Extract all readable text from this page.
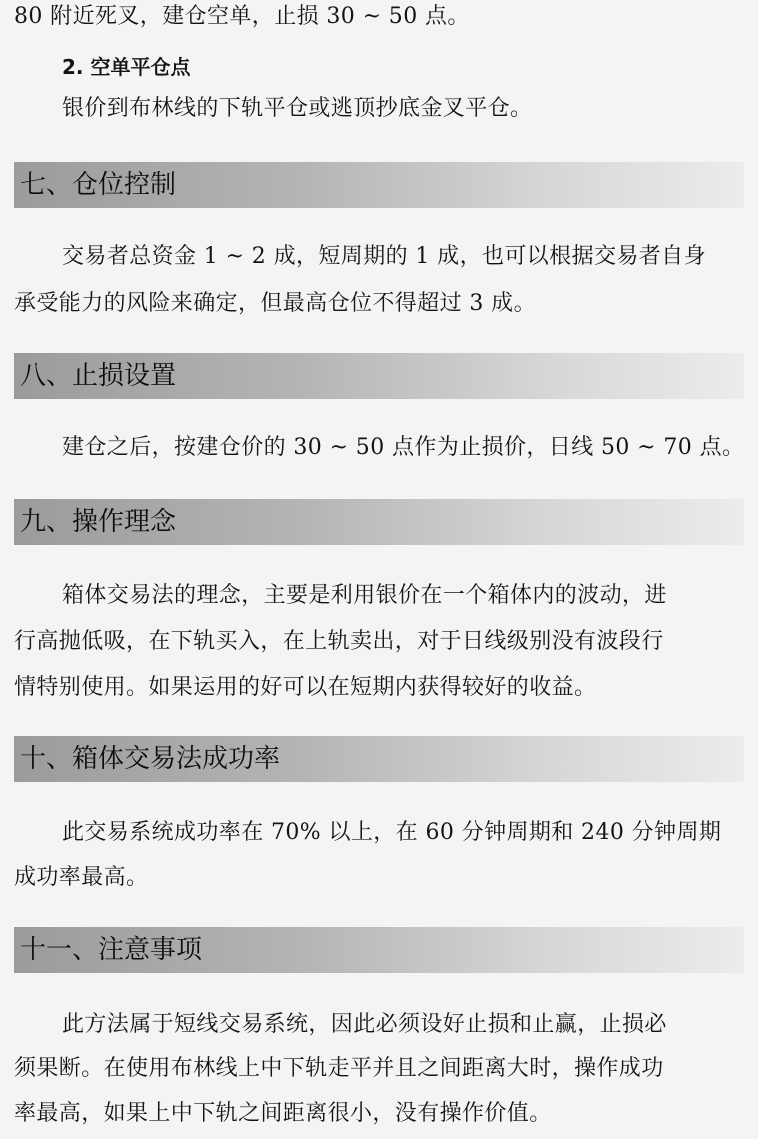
80 附近死叉，建仓空单，止损 30 ~ 50 点。
2. 空单平仓点
银价到布林线的下轨平仓或逃顶抄底金叉平仓。
七、仓位控制
交易者总资金 1 ~ 2 成，短周期的 1 成，也可以根据交易者自身
承受能力的风险来确定，但最高仓位不得超过 3 成。
八、止损设置
建仓之后，按建仓价的 30 ~ 50 点作为止损价，日线 50 ~ 70 点。
九、操作理念
箱体交易法的理念，主要是利用银价在一个箱体内的波动，进
行高抛低吸，在下轨买入，在上轨卖出，对于日线级别没有波段行
情特别使用。如果运用的好可以在短期内获得较好的收益。
十、箱体交易法成功率
此交易系统成功率在 70% 以上，在 60 分钟周期和 240 分钟周期
成功率最高。
十一、注意事项
此方法属于短线交易系统，因此必须设好止损和止赢，止损必
须果断。在使用布林线上中下轨走平并且之间距离大时，操作成功
率最高，如果上中下轨之间距离很小，没有操作价值。
